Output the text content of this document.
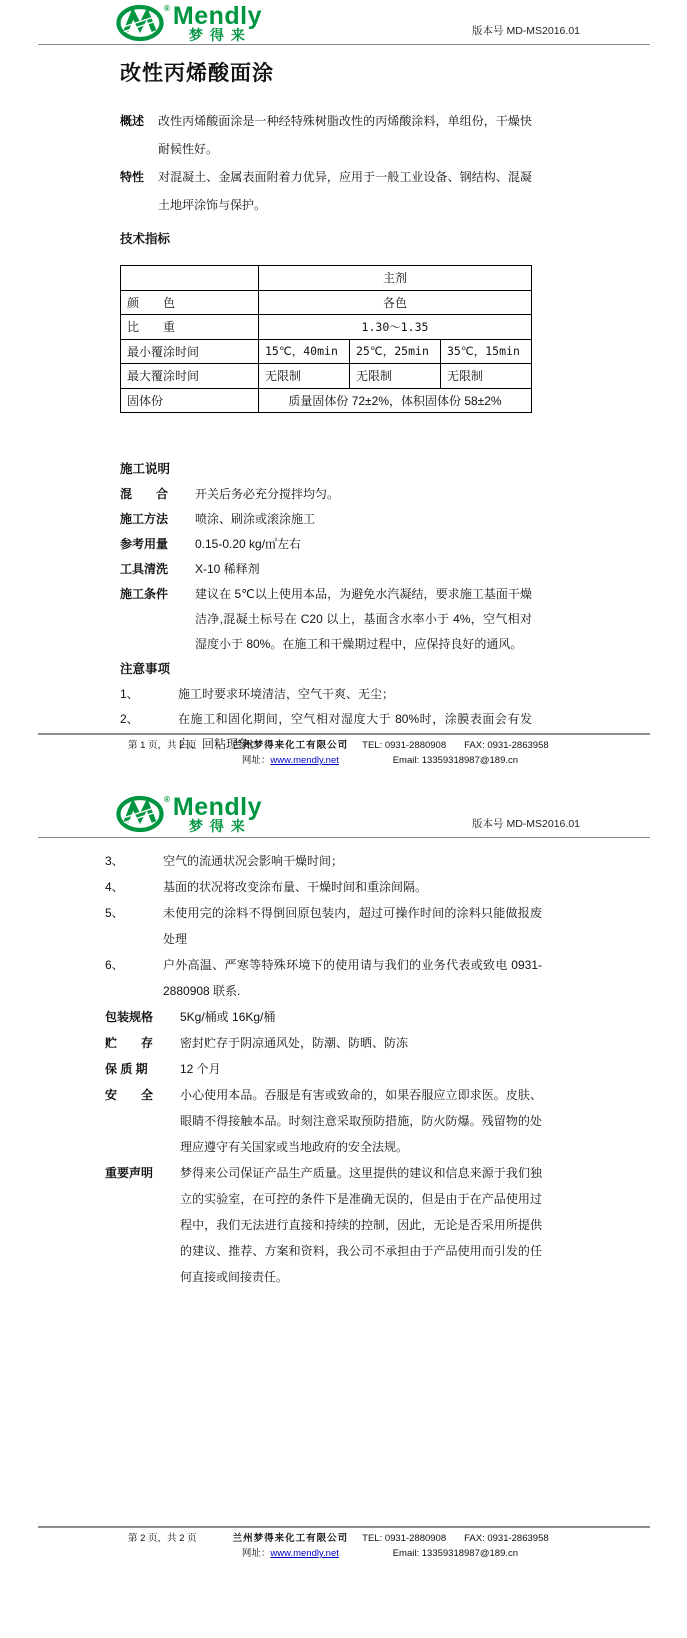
® Mendly
梦得来	版本号 MD-MS2016.01
改性丙烯酸面涂
概述	改性丙烯酸面涂是一种经特殊树脂改性的丙烯酸涂料，单组份，干燥快耐候性好。
特性	对混凝土、金属表面附着力优异，应用于一般工业设备、钢结构、混凝土地坪涂饰与保护。
技术指标
	主剂		
颜　　色	各色		
比　　重	1.30～1.35		
最小覆涂时间	15℃，40min	25℃，25min	35℃，15min
最大覆涂时间	无限制	无限制	无限制
固体份	质量固体份 72±2%，体积固体份 58±2%		
施工说明
混　　合	开关后务必充分搅拌均匀。
施工方法	喷涂、刷涂或滚涂施工
参考用量	0.15-0.20 kg/㎡左右
工具清洗	X-10 稀释剂
施工条件	建议在 5℃以上使用本品，为避免水汽凝结，要求施工基面干燥洁净,混凝土标号在 C20 以上，基面含水率小于 4%，空气相对湿度小于 80%。在施工和干燥期过程中，应保持良好的通风。
注意事项
1、	施工时要求环境清洁，空气干爽、无尘；
2、	在施工和固化期间，空气相对湿度大于 80%时，涂膜表面会有发白、回粘现象；
第 1 页，共 2 页	兰州梦得来化工有限公司
网址：www.mendly.net
TEL: 0931-2880908 FAX: 0931-2863958
Email: 13359318987@189.cn
® Mendly
梦得来	版本号 MD-MS2016.01
3、	空气的流通状况会影响干燥时间；
4、	基面的状况将改变涂布量、干燥时间和重涂间隔。
5、	未使用完的涂料不得倒回原包装内，超过可操作时间的涂料只能做报废处理
6、	户外高温、严寒等特殊环境下的使用请与我们的业务代表或致电 0931-2880908 联系.
包装规格	5Kg/桶或 16Kg/桶
贮　　存	密封贮存于阴凉通风处，防潮、防晒、防冻
保 质 期	12 个月
安　　全	小心使用本品。吞服是有害或致命的，如果吞服应立即求医。皮肤、眼睛不得接触本品。时刻注意采取预防措施，防火防爆。残留物的处理应遵守有关国家或当地政府的安全法规。
重要声明	梦得来公司保证产品生产质量。这里提供的建议和信息来源于我们独立的实验室，在可控的条件下是准确无误的，但是由于在产品使用过程中，我们无法进行直接和持续的控制，因此，无论是否采用所提供的建议、推荐、方案和资料，我公司不承担由于产品使用而引发的任何直接或间接责任。
第 2 页，共 2 页	兰州梦得来化工有限公司
网址：www.mendly.net
TEL: 0931-2880908 FAX: 0931-2863958
Email: 13359318987@189.cn
